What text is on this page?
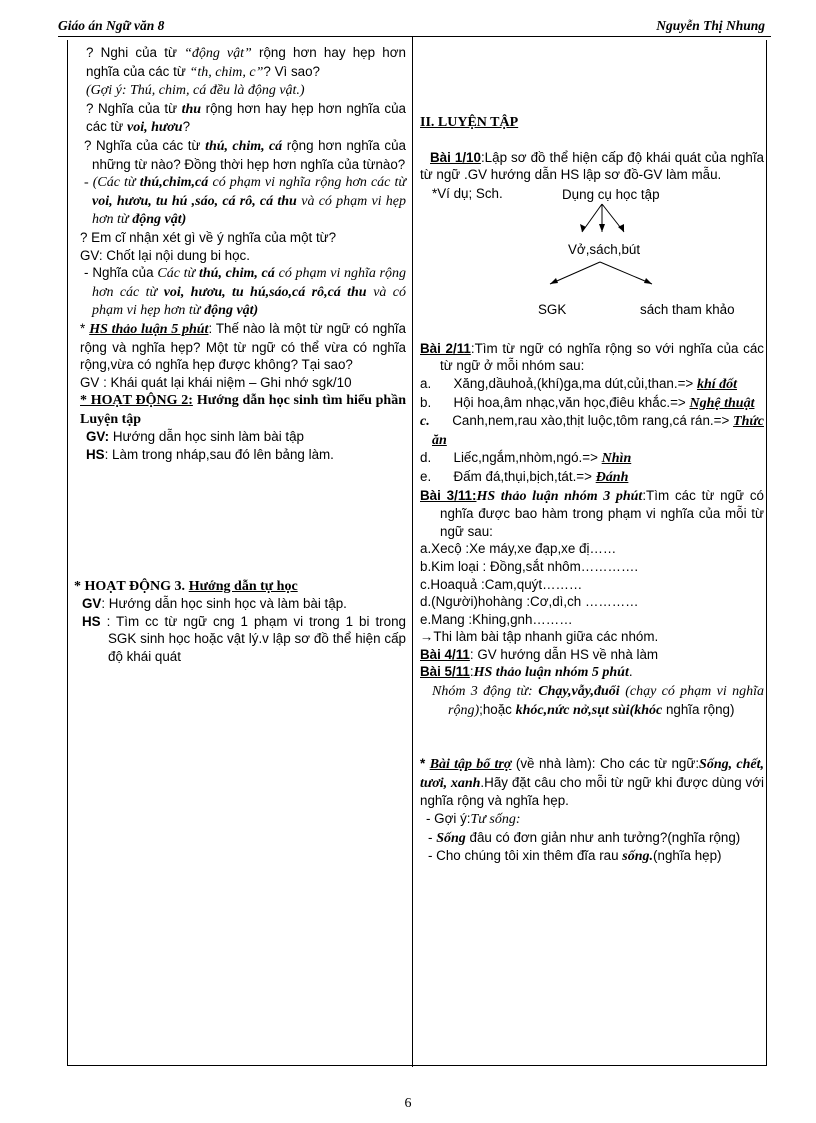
Giáo án Ngữ văn 8	Nguyễn Thị Nhung

? Nghi của từ “động vật” rộng hơn hay hẹp hơn nghĩa của các từ “th, chim, c”? Vì sao?

(Gợi ý: Thú, chim, cá đều là động vật.)

? Nghĩa của từ thu rộng hơn hay hẹp hơn nghĩa của các từ voi, hươu?

? Nghĩa của các từ thú, chim, cá rộng hơn nghĩa của những từ nào? Đồng thời hẹp hơn nghĩa của từnào?

- (Các từ thú,chim,cá có phạm vi nghĩa rộng hơn các từ voi, hươu, tu hú ,sáo, cá rô, cá thu và có phạm vi hẹp hơn từ động vật)

? Em cĩ nhận xét gì về ý nghĩa của một từ?

GV: Chốt lại nội dung bi học.

- Nghĩa của Các từ thú, chim, cá có phạm vi nghĩa rộng hơn các từ voi, hươu, tu hú,sáo,cá rô,cá thu và có phạm vi hẹp hơn từ động vật)

* HS thảo luận 5 phút: Thế nào là một từ ngữ có nghĩa rộng và nghĩa hẹp? Một từ ngữ có thể vừa có nghĩa rộng,vừa có nghĩa hẹp được không? Tại sao?

GV : Khái quát lại khái niệm – Ghi nhớ sgk/10

* HOẠT ĐỘNG 2: Hướng dẫn học sinh tìm hiểu phần Luyện tập

GV: Hướng dẫn học sinh làm bài tập

HS: Làm trong nháp,sau đó lên bảng làm.

* HOẠT ĐỘNG 3. Hướng dẫn tự học

GV: Hướng dẫn học sinh học và làm bài tập.

HS : Tìm cc từ ngữ cng 1 phạm vi trong 1 bi trong SGK sinh học hoặc vật lý.v lập sơ đồ thể hiện cấp độ khái quát

II. LUYỆN TẬP

Bài 1/10:Lập sơ đồ thể hiện cấp độ khái quát của nghĩa từ ngữ .GV hướng dẫn HS lập sơ đồ-GV làm mẫu.

*Ví dụ; Sch.	Dụng cụ học tập
Vở,sách,bút
SGK	sách tham khảo

Bài 2/11:Tìm từ ngữ có nghĩa rộng so với nghĩa của các từ ngữ ở mỗi nhóm sau:

a. Xăng,dầuhoả,(khí)ga,ma dút,củi,than.=> khí đốt

b. Hội hoa,âm nhạc,văn học,điêu khắc.=> Nghệ thuật

c. Canh,nem,rau xào,thịt luộc,tôm rang,cá rán.=> Thức ăn

d. Liếc,ngắm,nhòm,ngó.=> Nhìn

e. Đấm đá,thụi,bịch,tát.=> Đánh

Bài 3/11:HS thảo luận nhóm 3 phút:Tìm các từ ngữ có nghĩa được bao hàm trong phạm vi nghĩa của mỗi từ ngữ sau:

a.Xecộ :Xe máy,xe đạp,xe đị……

b.Kim loại : Đồng,sắt nhôm………….

c.Hoaquả :Cam,quýt………

d.(Người)hohàng :Cơ,dì,ch …………

e.Mang :Khing,gnh………

→Thi làm bài tập nhanh giữa các nhóm.

Bài 4/11: GV hướng dẫn HS về nhà làm

Bài 5/11:HS thảo luận nhóm 5 phút.

Nhóm 3 động từ: Chạy,vẫy,đuổi (chạy có phạm vi nghĩa rộng);hoặc khóc,nức nở,sụt sùi(khóc nghĩa rộng)

* Bài tập bổ trợ (về nhà làm): Cho các từ ngữ:Sống, chết, tươi, xanh.Hãy đặt câu cho mỗi từ ngữ khi được dùng với nghĩa rộng và nghĩa hẹp.

- Gợi ý:Tư sống:

- Sống đâu có đơn giản như anh tưởng?(nghĩa rộng)

- Cho chúng tôi xin thêm đĩa rau sống.(nghĩa hẹp)

6
